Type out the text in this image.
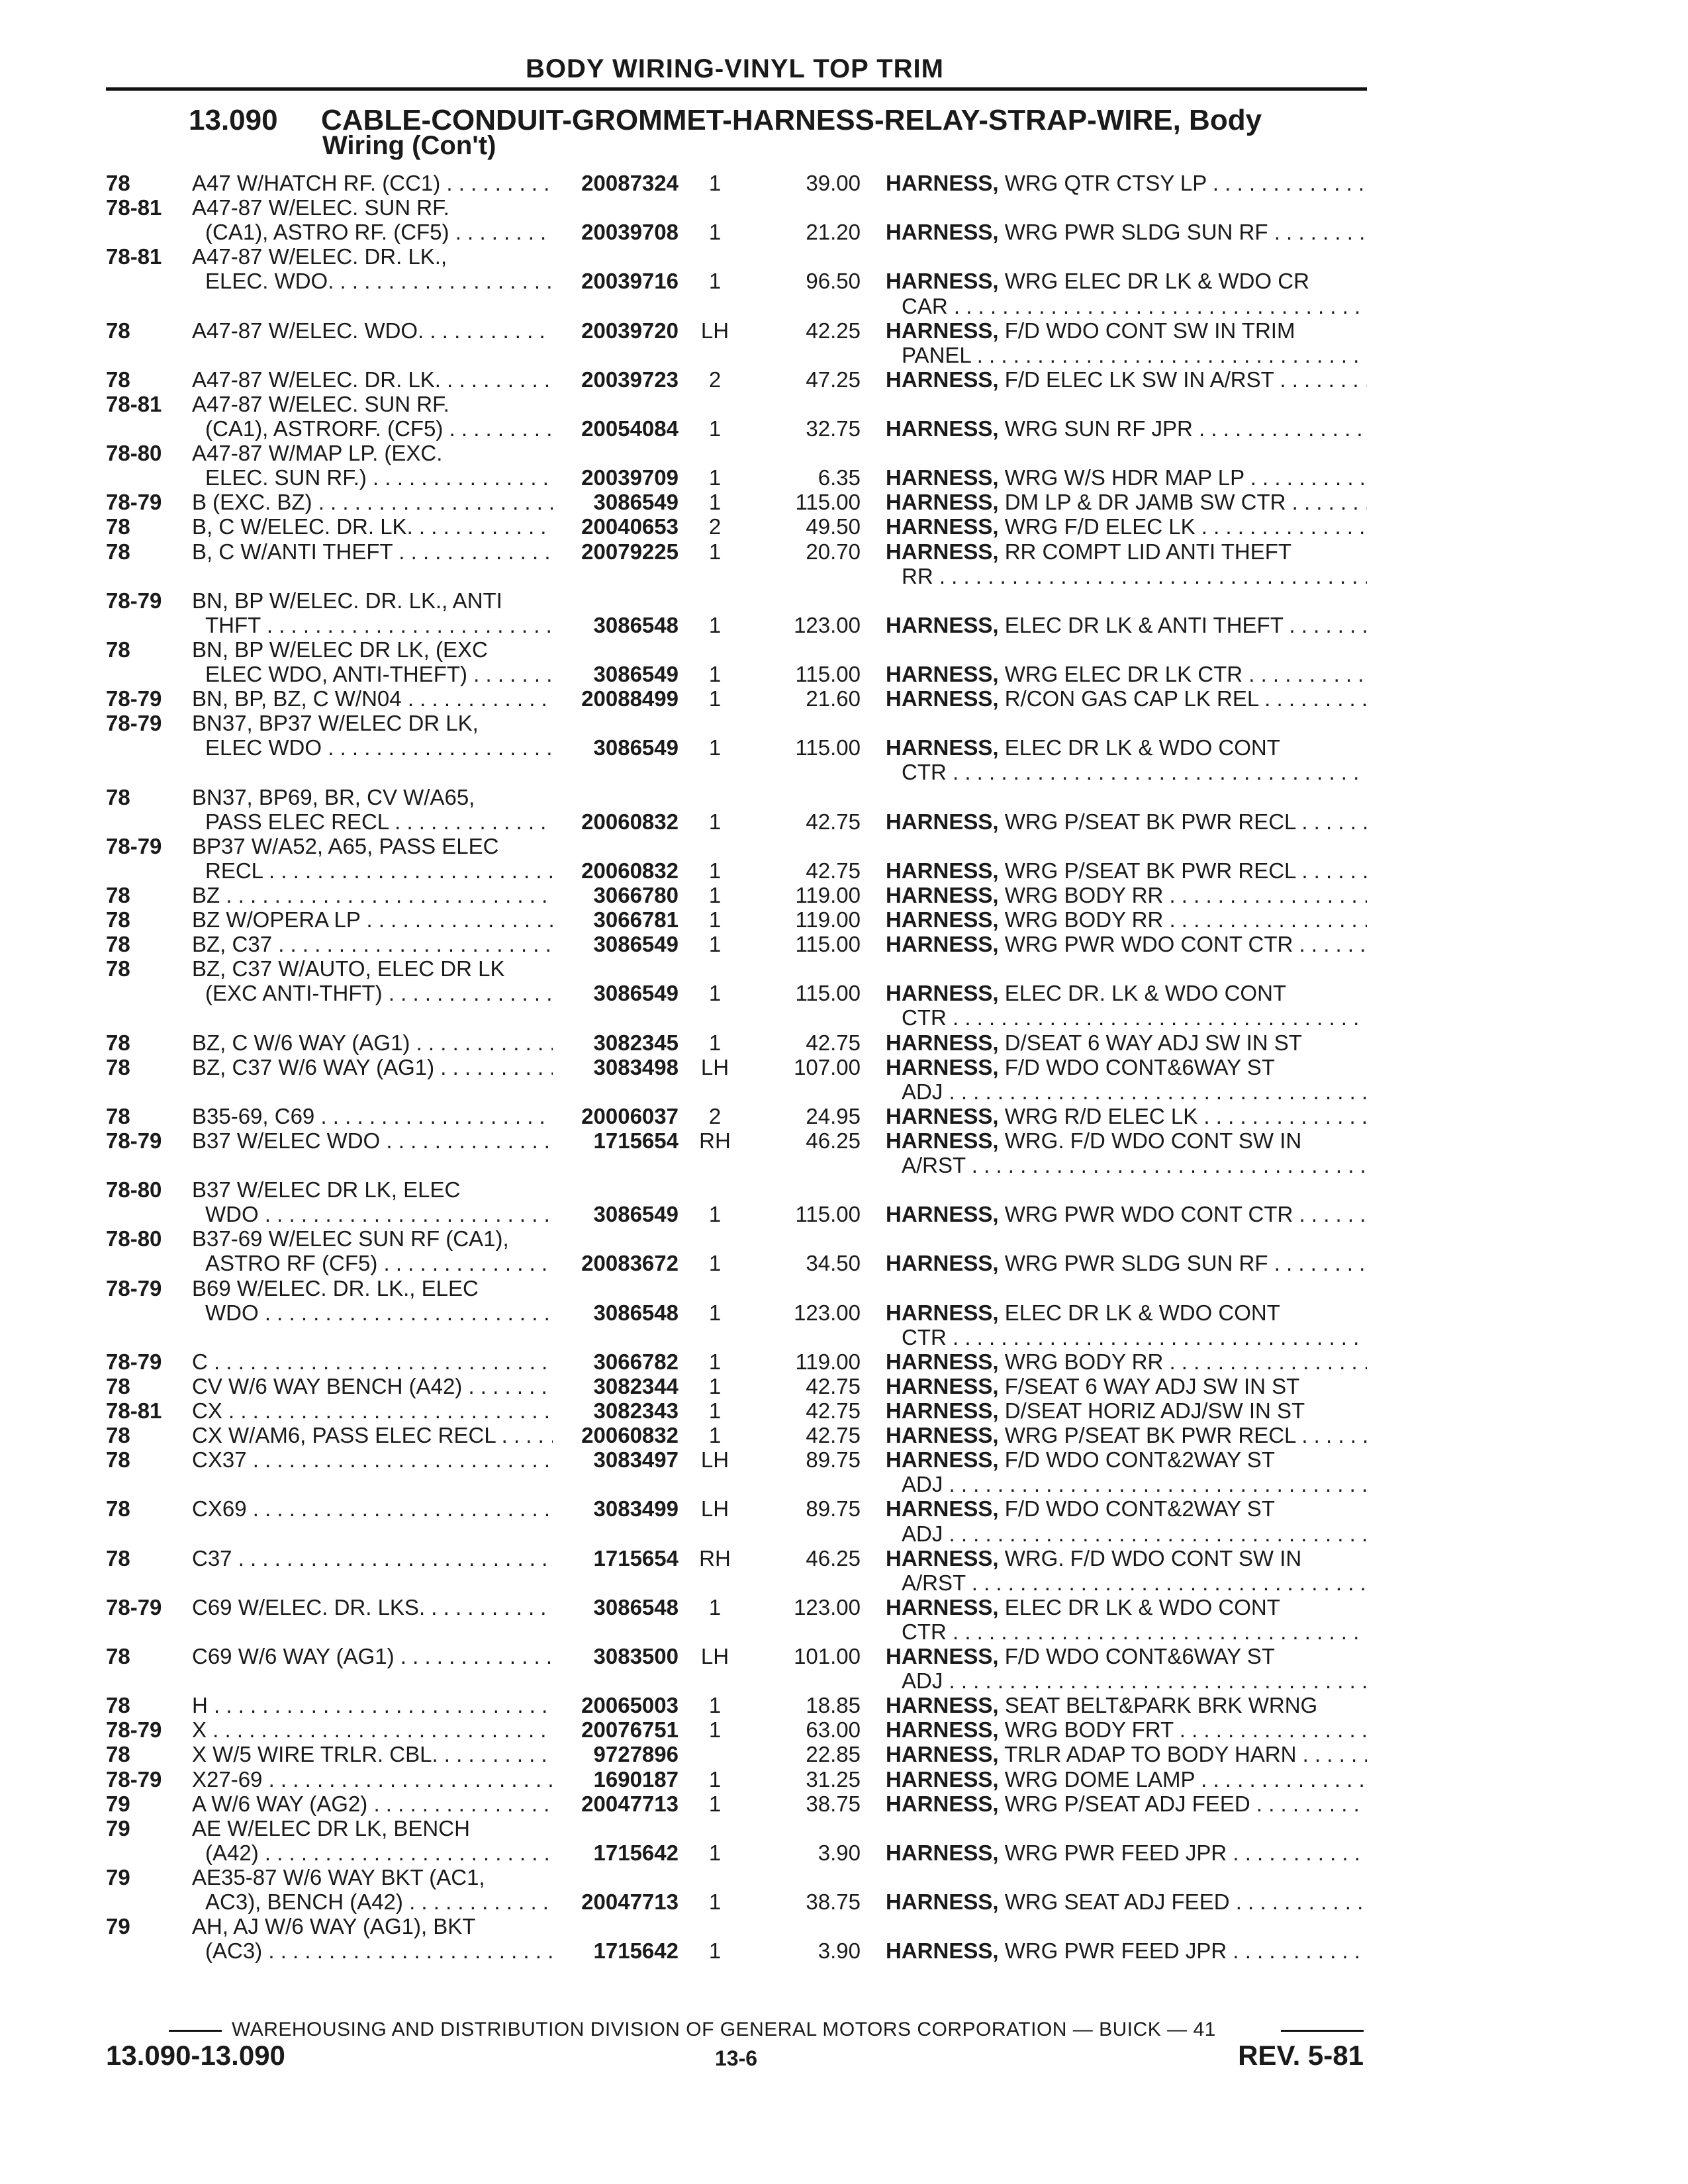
BODY WIRING-VINYL TOP TRIM
13.090 CABLE-CONDUIT-GROMMET-HARNESS-RELAY-STRAP-WIRE, Body
Wiring (Con't)
78	A47 W/HATCH RF. (CC1) . . .	20087324	1	39.00 HARNESS, WRG QTR CTSY LP . . .
78-81 A47-87 W/ELEC. SUN RF.
(CA1), ASTRO RF. (CF5) . . .	20039708	1	21.20 HARNESS, WRG PWR SLDG SUN RF . . .
78-81 A47-87 W/ELEC. DR. LK.,
ELEC. WDO. . . .	20039716	1	96.50 HARNESS, WRG ELEC DR LK & WDO CR
CAR . . .
78	A47-87 W/ELEC. WDO. . . .	20039720 LH	42.25 HARNESS, F/D WDO CONT SW IN TRIM
PANEL . . .
78	A47-87 W/ELEC. DR. LK. . . .	20039723	2	47.25 HARNESS, F/D ELEC LK SW IN A/RST . . .
78-81 A47-87 W/ELEC. SUN RF.
(CA1), ASTRORF. (CF5) . . .	20054084	1	32.75 HARNESS, WRG SUN RF JPR . . .
78-80 A47-87 W/MAP LP. (EXC.
ELEC. SUN RF.) . . .	20039709	1	6.35 HARNESS, WRG W/S HDR MAP LP . . .
78-79 B (EXC. BZ) . . .	3086549	1	115.00 HARNESS, DM LP & DR JAMB SW CTR . . .
78	B, C W/ELEC. DR. LK. . . .	20040653	2	49.50 HARNESS, WRG F/D ELEC LK . . .
78	B, C W/ANTI THEFT . . .	20079225	1	20.70 HARNESS, RR COMPT LID ANTI THEFT
RR . . .
78-79 BN, BP W/ELEC. DR. LK., ANTI
THFT . . .	3086548	1	123.00 HARNESS, ELEC DR LK & ANTI THEFT . . .
78	BN, BP W/ELEC DR LK, (EXC
ELEC WDO, ANTI-THEFT) . . .	3086549	1	115.00 HARNESS, WRG ELEC DR LK CTR . . .
78-79 BN, BP, BZ, C W/N04 . . .	20088499	1	21.60 HARNESS, R/CON GAS CAP LK REL . . .
78-79 BN37, BP37 W/ELEC DR LK,
ELEC WDO . . .	3086549	1	115.00 HARNESS, ELEC DR LK & WDO CONT
CTR . . .
78	BN37, BP69, BR, CV W/A65,
PASS ELEC RECL . . .	20060832	1	42.75 HARNESS, WRG P/SEAT BK PWR RECL . . .
78-79 BP37 W/A52, A65, PASS ELEC
RECL . . .	20060832	1	42.75 HARNESS, WRG P/SEAT BK PWR RECL . . .
78	BZ . . .	3066780	1	119.00 HARNESS, WRG BODY RR . . .
78	BZ W/OPERA LP . . .	3066781	1	119.00 HARNESS, WRG BODY RR . . .
78	BZ, C37 . . .	3086549	1	115.00 HARNESS, WRG PWR WDO CONT CTR . . .
78	BZ, C37 W/AUTO, ELEC DR LK
(EXC ANTI-THFT) . . .	3086549	1	115.00 HARNESS, ELEC DR. LK & WDO CONT
CTR . . .
78	BZ, C W/6 WAY (AG1) . . .	3082345	1	42.75 HARNESS, D/SEAT 6 WAY ADJ SW IN ST
78	BZ, C37 W/6 WAY (AG1) . . .	3083498 LH	107.00 HARNESS, F/D WDO CONT&6WAY ST
ADJ . . .
78	B35-69, C69 . . .	20006037	2	24.95 HARNESS, WRG R/D ELEC LK . . .
78-79 B37 W/ELEC WDO . . .	1715654 RH	46.25 HARNESS, WRG. F/D WDO CONT SW IN
A/RST . . .
78-80 B37 W/ELEC DR LK, ELEC
WDO . . .	3086549	1	115.00 HARNESS, WRG PWR WDO CONT CTR . . .
78-80 B37-69 W/ELEC SUN RF (CA1),
ASTRO RF (CF5) . . .	20083672	1	34.50 HARNESS, WRG PWR SLDG SUN RF . . .
78-79 B69 W/ELEC. DR. LK., ELEC
WDO . . .	3086548	1	123.00 HARNESS, ELEC DR LK & WDO CONT
CTR . . .
78-79 C . . .	3066782	1	119.00 HARNESS, WRG BODY RR . . .
78	CV W/6 WAY BENCH (A42) . . .	3082344	1	42.75 HARNESS, F/SEAT 6 WAY ADJ SW IN ST
78-81 CX . . .	3082343	1	42.75 HARNESS, D/SEAT HORIZ ADJ/SW IN ST
78	CX W/AM6, PASS ELEC RECL . . . .	20060832	1	42.75 HARNESS, WRG P/SEAT BK PWR RECL . . .
78	CX37 . . .	3083497 LH	89.75 HARNESS, F/D WDO CONT&2WAY ST
ADJ . . .
78	CX69 . . .	3083499 LH	89.75 HARNESS, F/D WDO CONT&2WAY ST
ADJ . . .
78	C37 . . .	1715654 RH	46.25 HARNESS, WRG. F/D WDO CONT SW IN
A/RST . . .
78-79 C69 W/ELEC. DR. LKS. . . .	3086548	1	123.00 HARNESS, ELEC DR LK & WDO CONT
CTR . . .
78	C69 W/6 WAY (AG1) . . .	3083500 LH	101.00 HARNESS, F/D WDO CONT&6WAY ST
ADJ . . .
78	H . . .	20065003	1	18.85 HARNESS, SEAT BELT&PARK BRK WRNG
78-79 X . . .	20076751	1	63.00 HARNESS, WRG BODY FRT . . .
78	X W/5 WIRE TRLR. CBL. . . .	9727896	22.85 HARNESS, TRLR ADAP TO BODY HARN . . .
78-79 X27-69 . . .	1690187	1	31.25 HARNESS, WRG DOME LAMP . . .
79	A W/6 WAY (AG2) . . .	20047713	1	38.75 HARNESS, WRG P/SEAT ADJ FEED . . .
79	AE W/ELEC DR LK, BENCH
(A42) . . .	1715642	1	3.90 HARNESS, WRG PWR FEED JPR . . .
79	AE35-87 W/6 WAY BKT (AC1,
AC3), BENCH (A42) . . .	20047713	1	38.75 HARNESS, WRG SEAT ADJ FEED . . .
79	AH, AJ W/6 WAY (AG1), BKT
(AC3) . . .	1715642	1	3.90 HARNESS, WRG PWR FEED JPR . . .
WAREHOUSING AND DISTRIBUTION DIVISION OF GENERAL MOTORS CORPORATION — BUICK — 41
13.090-13.090	13-6	REV. 5-81
